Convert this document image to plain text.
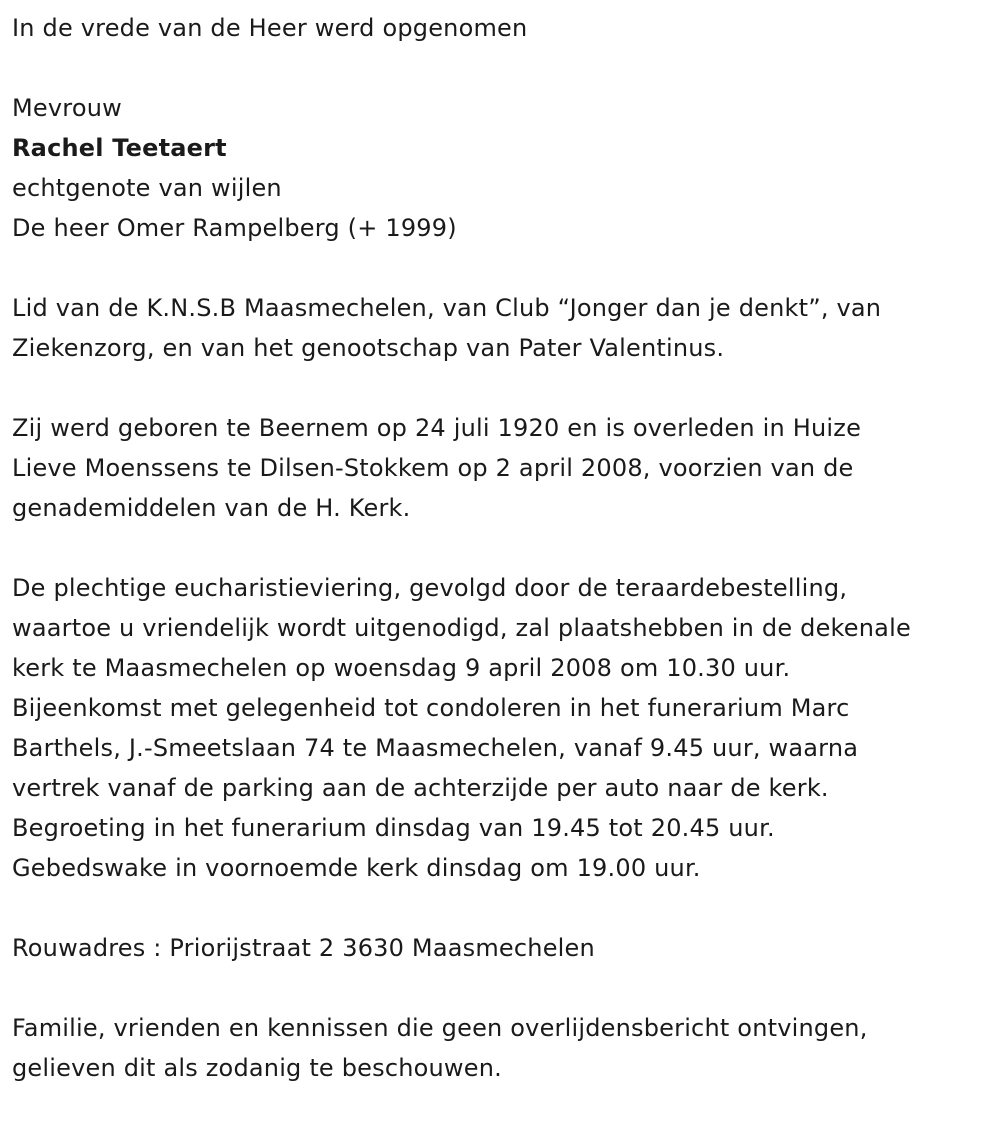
In de vrede van de Heer werd opgenomen

Mevrouw

Rachel Teetaert

echtgenote van wijlen

De heer Omer Rampelberg (+ 1999)

Lid van de K.N.S.B Maasmechelen, van Club “Jonger dan je denkt”, van

Ziekenzorg, en van het genootschap van Pater Valentinus.

Zij werd geboren te Beernem op 24 juli 1920 en is overleden in Huize

Lieve Moenssens te Dilsen-Stokkem op 2 april 2008, voorzien van de

genademiddelen van de H. Kerk.

De plechtige eucharistieviering, gevolgd door de teraardebestelling,

waartoe u vriendelijk wordt uitgenodigd, zal plaatshebben in de dekenale

kerk te Maasmechelen op woensdag 9 april 2008 om 10.30 uur.

Bijeenkomst met gelegenheid tot condoleren in het funerarium Marc

Barthels, J.-Smeetslaan 74 te Maasmechelen, vanaf 9.45 uur, waarna

vertrek vanaf de parking aan de achterzijde per auto naar de kerk.

Begroeting in het funerarium dinsdag van 19.45 tot 20.45 uur.

Gebedswake in voornoemde kerk dinsdag om 19.00 uur.

Rouwadres : Priorijstraat 2 3630 Maasmechelen

Familie, vrienden en kennissen die geen overlijdensbericht ontvingen,

gelieven dit als zodanig te beschouwen.
